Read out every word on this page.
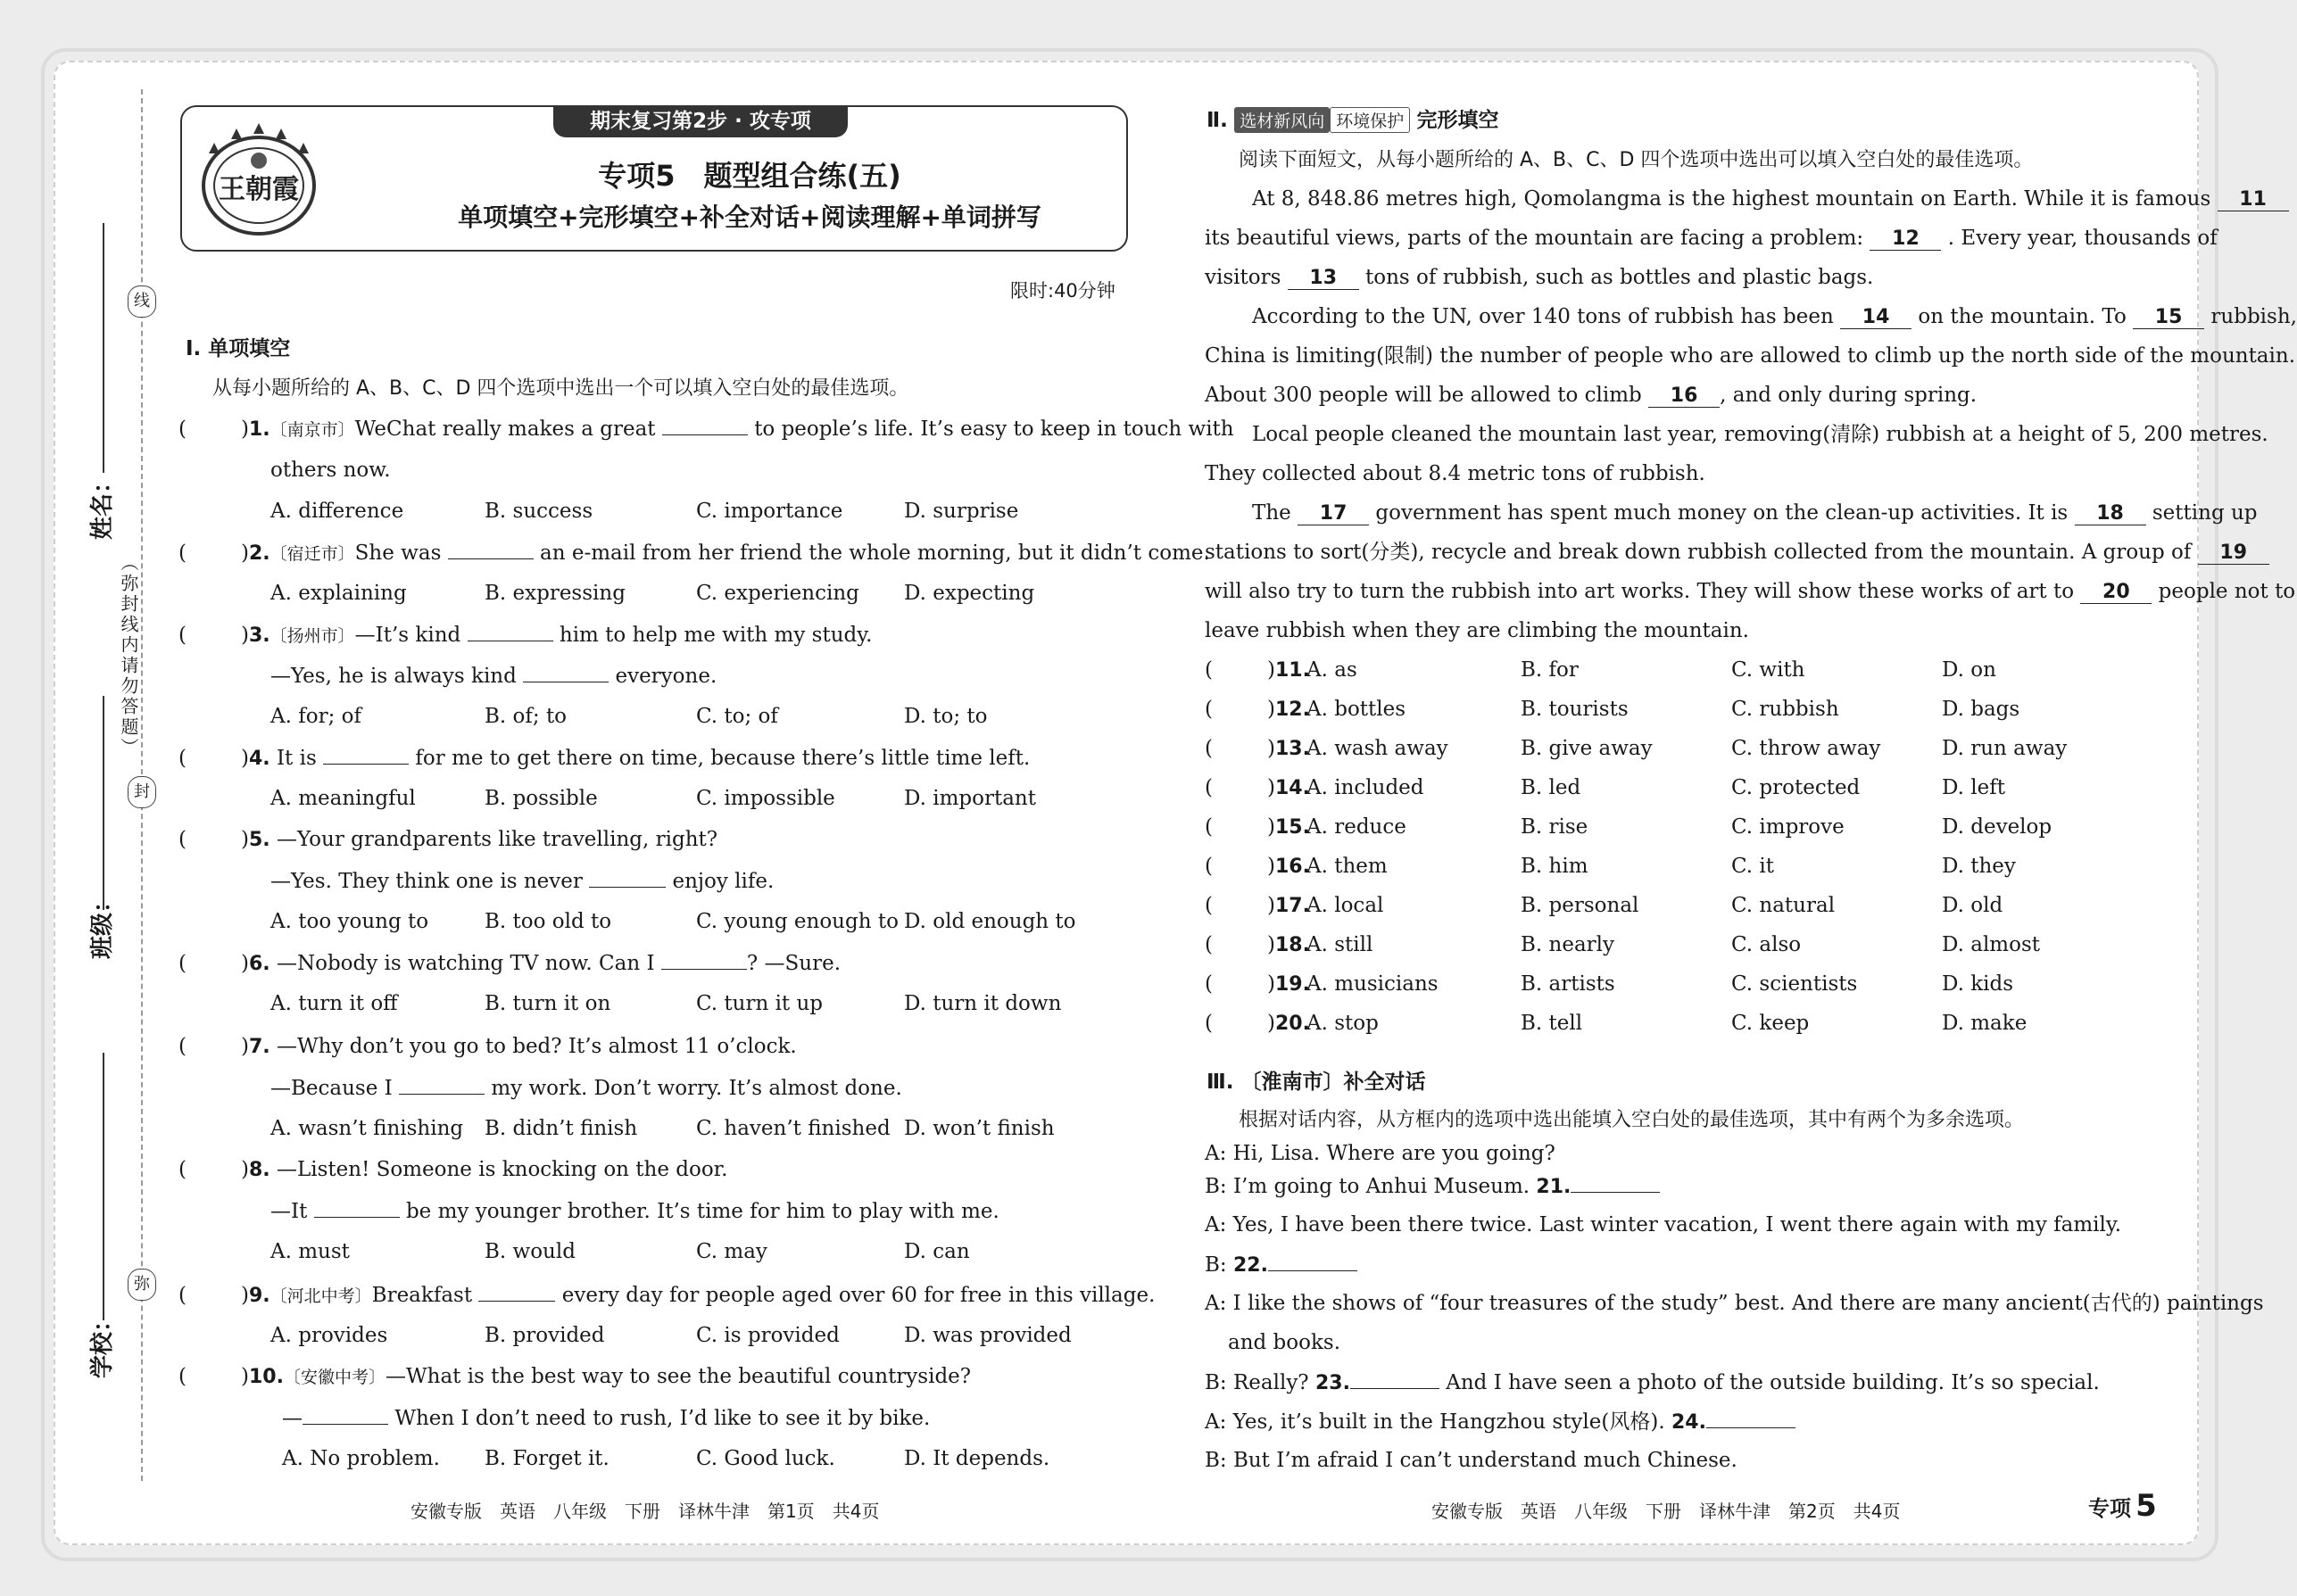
线
封
弥
（弥封线内请勿答题）
姓名：
班级：
学校：
期末复习第2步 · 攻专项
王朝霞	专项5　题型组合练(五)
单项填空+完形填空+补全对话+阅读理解+单词拼写
限时:40分钟
Ⅰ. 单项填空
从每小题所给的 A、B、C、D 四个选项中选出一个可以填入空白处的最佳选项。
(	)1.〔南京市〕WeChat really makes a great	to people’s life. It’s easy to keep in touch with
others now.
A. difference	B. success	C. importance	D. surprise
(	)2.〔宿迁市〕She was	an e-mail from her friend the whole morning, but it didn’t come.
A. explaining	B. expressing	C. experiencing D. expecting
(	)3.〔扬州市〕—It’s kind	him to help me with my study.
—Yes, he is always kind	everyone.
A. for; of	B. of; to	C. to; of	D. to; to
(	)4. It is	for me to get there on time, because there’s little time left.
A. meaningful	B. possible	C. impossible	D. important
(	)5. —Your grandparents like travelling, right?
—Yes. They think one is never	enjoy life.
A. too young to	B. too old to	C. young enough to D. old enough to
(	)6. —Nobody is watching TV now. Can I	? —Sure.
A. turn it off	B. turn it on	C. turn it up	D. turn it down
(	)7. —Why don’t you go to bed? It’s almost 11 o’clock.
—Because I	my work. Don’t worry. It’s almost done.
A. wasn’t finishing B. didn’t finish	C. haven’t finished D. won’t finish
(	)8. —Listen! Someone is knocking on the door.
—It	be my younger brother. It’s time for him to play with me.
A. must	B. would	C. may	D. can
(	)9.〔河北中考〕Breakfast	every day for people aged over 60 for free in this village.
A. provides	B. provided	C. is provided	D. was provided
(	)10.〔安徽中考〕—What is the best way to see the beautiful countryside?
—	When I don’t need to rush, I’d like to see it by bike.
A. No problem. B. Forget it.	C. Good luck.	D. It depends.
安徽专版　英语　八年级　下册　译林牛津　第1页　共4页
Ⅱ. 选材新风向 环境保护 完形填空
阅读下面短文，从每小题所给的 A、B、C、D 四个选项中选出可以填入空白处的最佳选项。
At 8, 848.86 metres high, Qomolangma is the highest mountain on Earth. While it is famous 11
its beautiful views, parts of the mountain are facing a problem: 12 . Every year, thousands of
visitors 13 tons of rubbish, such as bottles and plastic bags.
According to the UN, over 140 tons of rubbish has been 14 on the mountain. To 15 rubbish,
China is limiting(限制) the number of people who are allowed to climb up the north side of the mountain.
About 300 people will be allowed to climb 16 , and only during spring.
Local people cleaned the mountain last year, removing(清除) rubbish at a height of 5, 200 metres.
They collected about 8.4 metric tons of rubbish.
The 17 government has spent much money on the clean-up activities. It is 18 setting up
stations to sort(分类), recycle and break down rubbish collected from the mountain. A group of 19
will also try to turn the rubbish into art works. They will show these works of art to 20 people not to
leave rubbish when they are climbing the mountain.
(	)11.
A. as	B. for	C. with	D. on
(	)12.
A. bottles	B. tourists	C. rubbish	D. bags
(	)13.
A. wash away	B. give away	C. throw away	D. run away
(	)14.
A. included	B. led	C. protected	D. left
(	)15.
A. reduce	B. rise	C. improve	D. develop
(	)16.
A. them	B. him	C. it	D. they
(	)17.
A. local	B. personal	C. natural	D. old
(	)18.
A. still	B. nearly	C. also	D. almost
(	)19.
A. musicians	B. artists	C. scientists	D. kids
(	)20.
A. stop	B. tell	C. keep	D. make
Ⅲ. 〔淮南市〕补全对话
根据对话内容，从方框内的选项中选出能填入空白处的最佳选项，其中有两个为多余选项。
A: Hi, Lisa. Where are you going?
B: I’m going to Anhui Museum. 21.
A: Yes, I have been there twice. Last winter vacation, I went there again with my family.
B: 22.
A: I like the shows of “four treasures of the study” best. And there are many ancient(古代的) paintings
and books.
B: Really? 23.	And I have seen a photo of the outside building. It’s so special.
A: Yes, it’s built in the Hangzhou style(风格). 24.
B: But I’m afraid I can’t understand much Chinese.
安徽专版　英语　八年级　下册　译林牛津　第2页　共4页	专项 5
